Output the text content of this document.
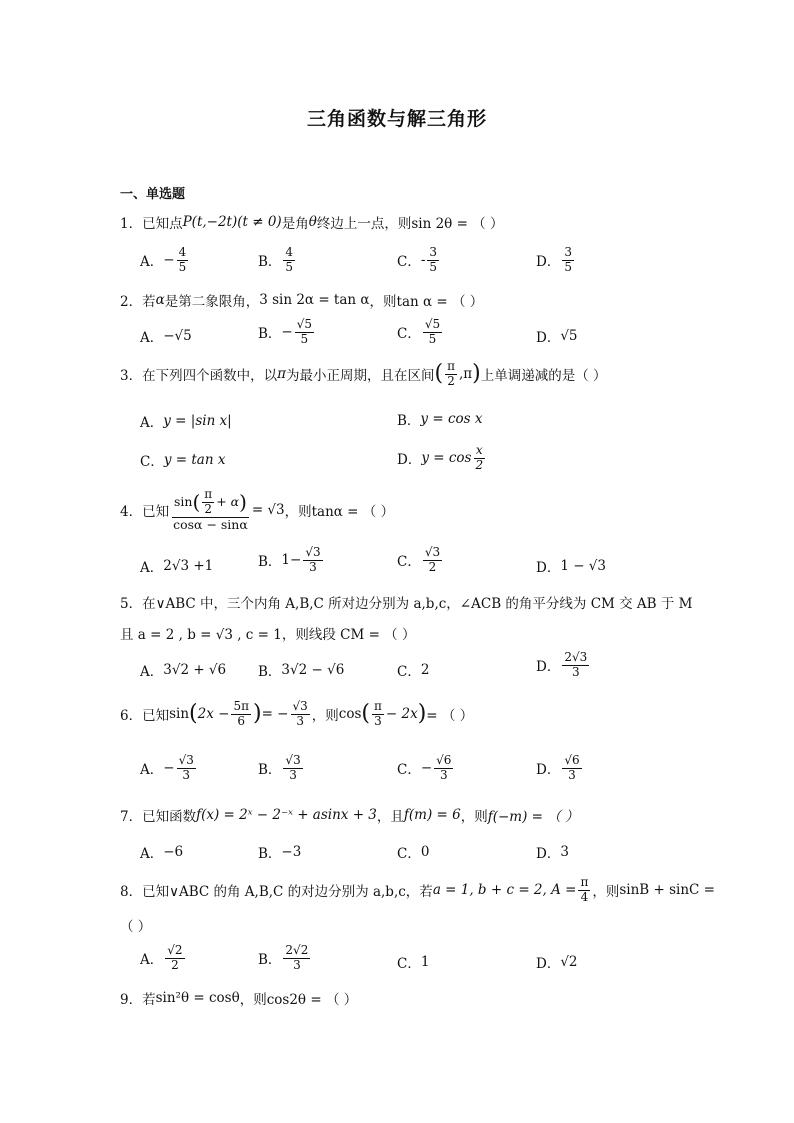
三角函数与解三角形
一、单选题
1．已知点 P(t,−2t)(t ≠ 0) 是角 θ 终边上一点，则 sin 2θ = （ ）
A． − $\frac{4}{5}$	B．
4
5	C． -
3
5	D．
3
5
2．若 α 是第二象限角， 3 sin 2α = tan α ，则 tan α = （ ）
A． −√5	B． − $\frac{√5}{5}$	C．
√5
5	D． √5
3．在下列四个函数中，以 π 为最小正周期，且在区间 ( π
2 ,π ) 上单调递减的是（ ）
A． y = |sin x|	B． y = cos x
C． y = tan x	D． y = cos
x
2
4．已知 sin ( π
2 + α )
cosα − sinα = √3 ，则 tanα = （ ）
A． 2√3 +1	B． $1- \frac{√3}{3}$	C．
√3
2	D． 1 − √3
5．在∨ABC 中，三个内角 A,B,C 所对边分别为 a,b,c，∠ACB 的角平分线为 CM 交 AB 于 M
且 a = 2 , b = √3 , c = 1，则线段 CM = （ ）
A． 3√2 + √6 B． 3√2 − √6	C． 2	D．
2√3
3
6．已知 sin ( $2x - \frac{5\pi}{6}$ ) = − $\frac{√3}{3}$ ，则 cos ( π
3 − 2x ) = （ ）
A． − $\frac{√3}{3}$	B．
√3
3	C． − $\frac{√6}{3}$	D．
√6
3
7．已知函数 f(x) = 2ˣ − 2⁻ˣ + asinx + 3 ，且 f(m) = 6 ，则 f(−m) = （ ）
A． −6	B． −3	C． 0	D． 3
8．已知∨ABC 的角 A,B,C 的对边分别为 a,b,c，若 a = 1, b + c = 2, $A = \frac{\pi}{4}$ ，则 sinB + sinC =
（ ）
A．
√2
2	B．
2√2
3	C． 1	D． √2
9．若 sin²θ = cosθ ，则 cos2θ = （ ）
